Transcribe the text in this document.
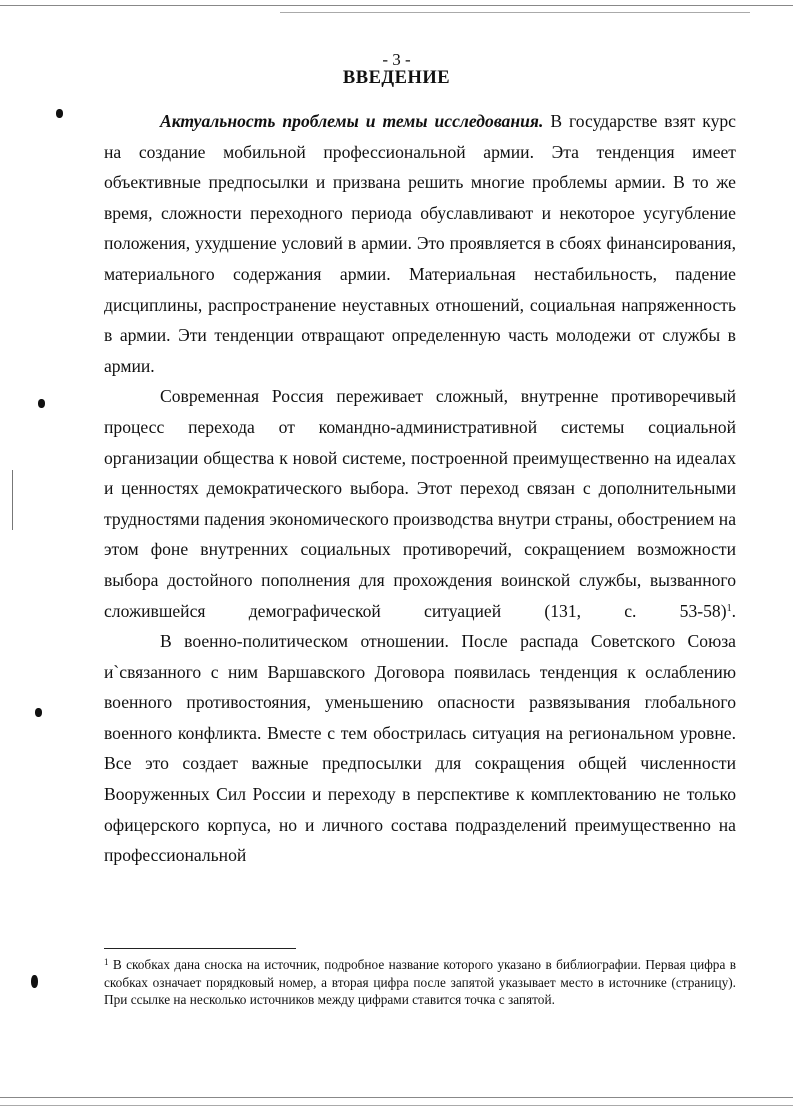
- 3 -
ВВЕДЕНИЕ

Актуальность проблемы и темы исследования. В государстве взят курс на создание мобильной профессиональной армии. Эта тенденция имеет объективные предпосылки и призвана решить многие проблемы армии. В то же время, сложности переходного периода обуславливают и некоторое усугубление положения, ухудшение условий в армии. Это проявляется в сбоях финансирования, материального содержания армии. Материальная нестабильность, падение дисциплины, распространение неуставных отношений, социальная напряженность в армии. Эти тенденции отвращают определенную часть молодежи от службы в армии.

Современная Россия переживает сложный, внутренне противоречивый процесс перехода от командно-административной системы социальной организации общества к новой системе, построенной преимущественно на идеалах и ценностях демократического выбора. Этот переход связан с дополнительными трудностями падения экономического производства внутри страны, обострением на этом фоне внутренних социальных противоречий, сокращением возможности выбора достойного пополнения для прохождения воинской службы, вызванного сложившейся демографической ситуацией (131, с. 53-58)$^1$.

В военно-политическом отношении. После распада Советского Союза и`связанного с ним Варшавского Договора появилась тенденция к ослаблению военного противостояния, уменьшению опасности развязывания глобального военного конфликта. Вместе с тем обострилась ситуация на региональном уровне. Все это создает важные предпосылки для сокращения общей численности Вооруженных Сил России и переходу в перспективе к комплектованию не только офицерского корпуса, но и личного состава подразделений преимущественно на профессиональной

$^1$ В скобках дана сноска на источник, подробное название которого указано в библиографии. Первая цифра в скобках означает порядковый номер, а вторая цифра после запятой указывает место в источнике (страницу). При ссылке на несколько источников между цифрами ставится точка с запятой.
